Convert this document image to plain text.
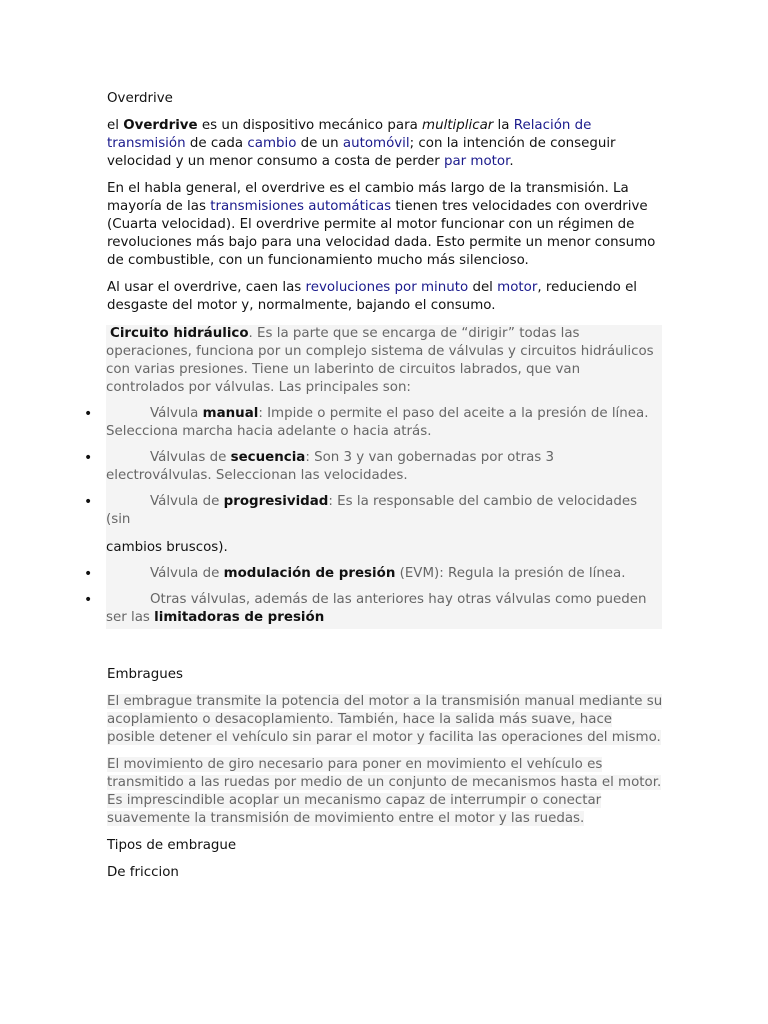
Overdrive

el Overdrive es un dispositivo mecánico para multiplicar la Relación de transmisión de cada cambio de un automóvil; con la intención de conseguir velocidad y un menor consumo a costa de perder par motor.

En el habla general, el overdrive es el cambio más largo de la transmisión. La mayoría de las transmisiones automáticas tienen tres velocidades con overdrive (Cuarta velocidad). El overdrive permite al motor funcionar con un régimen de revoluciones más bajo para una velocidad dada. Esto permite un menor consumo de combustible, con un funcionamiento mucho más silencioso.

Al usar el overdrive, caen las revoluciones por minuto del motor, reduciendo el desgaste del motor y, normalmente, bajando el consumo.

Circuito hidráulico. Es la parte que se encarga de “dirigir” todas las operaciones, funciona por un complejo sistema de válvulas y circuitos hidráulicos con varias presiones. Tiene un laberinto de circuitos labrados, que van controlados por válvulas. Las principales son:

•	Válvula manual: Impide o permite el paso del aceite a la presión de línea. Selecciona marcha hacia adelante o hacia atrás.
•	Válvulas de secuencia: Son 3 y van gobernadas por otras 3 electroválvulas. Seleccionan las velocidades.
•	Válvula de progresividad: Es la responsable del cambio de velocidades (sin

cambios bruscos).

•	Válvula de modulación de presión (EVM): Regula la presión de línea.
•	Otras válvulas, además de las anteriores hay otras válvulas como pueden ser las limitadoras de presión

Embragues

El embrague transmite la potencia del motor a la transmisión manual mediante su acoplamiento o desacoplamiento. También, hace la salida más suave, hace posible detener el vehículo sin parar el motor y facilita las operaciones del mismo.

El movimiento de giro necesario para poner en movimiento el vehículo es transmitido a las ruedas por medio de un conjunto de mecanismos hasta el motor. Es imprescindible acoplar un mecanismo capaz de interrumpir o conectar suavemente la transmisión de movimiento entre el motor y las ruedas.

Tipos de embrague

De friccion
